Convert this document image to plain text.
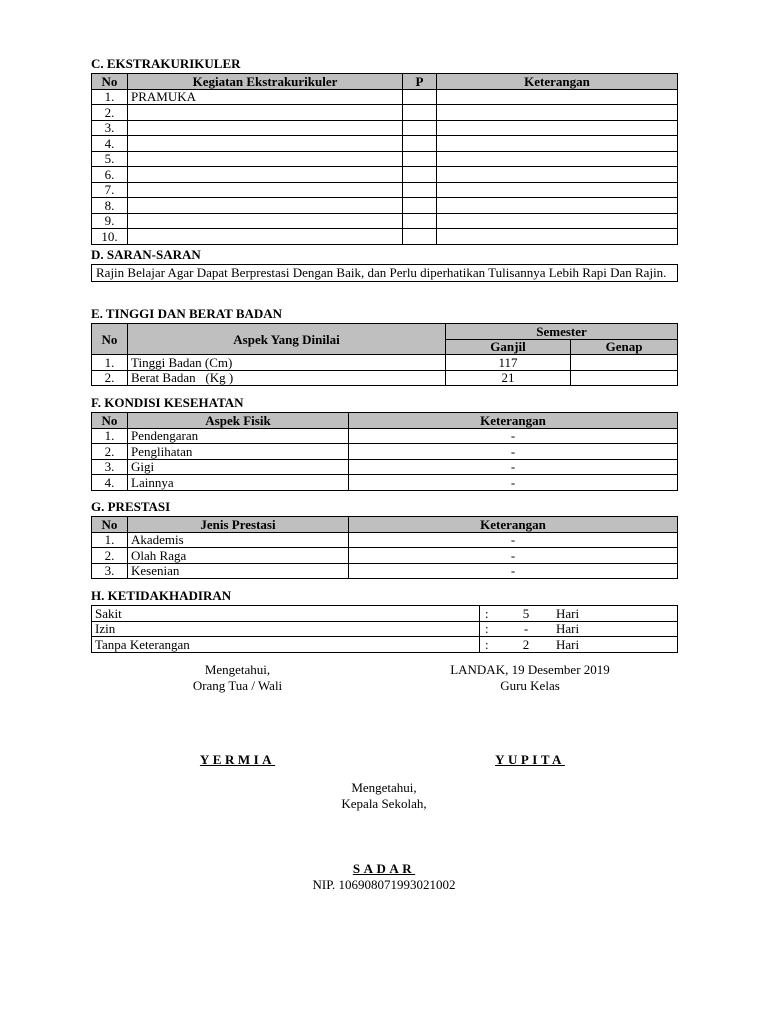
C. EKSTRAKURIKULER
No	Kegiatan Ekstrakurikuler	P	Keterangan
1.	PRAMUKA		
2.			
3.			
4.			
5.			
6.			
7.			
8.			
9.			
10.			
D. SARAN-SARAN
Rajin Belajar Agar Dapat Berprestasi Dengan Baik, dan Perlu diperhatikan Tulisannya Lebih Rapi Dan Rajin.
E. TINGGI DAN BERAT BADAN
No	Aspek Yang Dinilai	Semester	
		Ganjil	Genap
1.	Tinggi Badan (Cm)	117	
2.	Berat Badan   (Kg )	21	
F. KONDISI KESEHATAN
No	Aspek Fisik	Keterangan
1.	Pendengaran	-
2.	Penglihatan	-
3.	Gigi	-
4.	Lainnya	-
G. PRESTASI
No	Jenis Prestasi	Keterangan
1.	Akademis	-
2.	Olah Raga	-
3.	Kesenian	-
H. KETIDAKHADIRAN
Sakit	: 5 Hari
Izin	: - Hari
Tanpa Keterangan	: 2 Hari
Mengetahui,
Orang Tua / Wali
YERMIA
LANDAK, 19 Desember 2019
Guru Kelas
YUPITA
Mengetahui,
Kepala Sekolah,
SADAR
NIP. 106908071993021002
